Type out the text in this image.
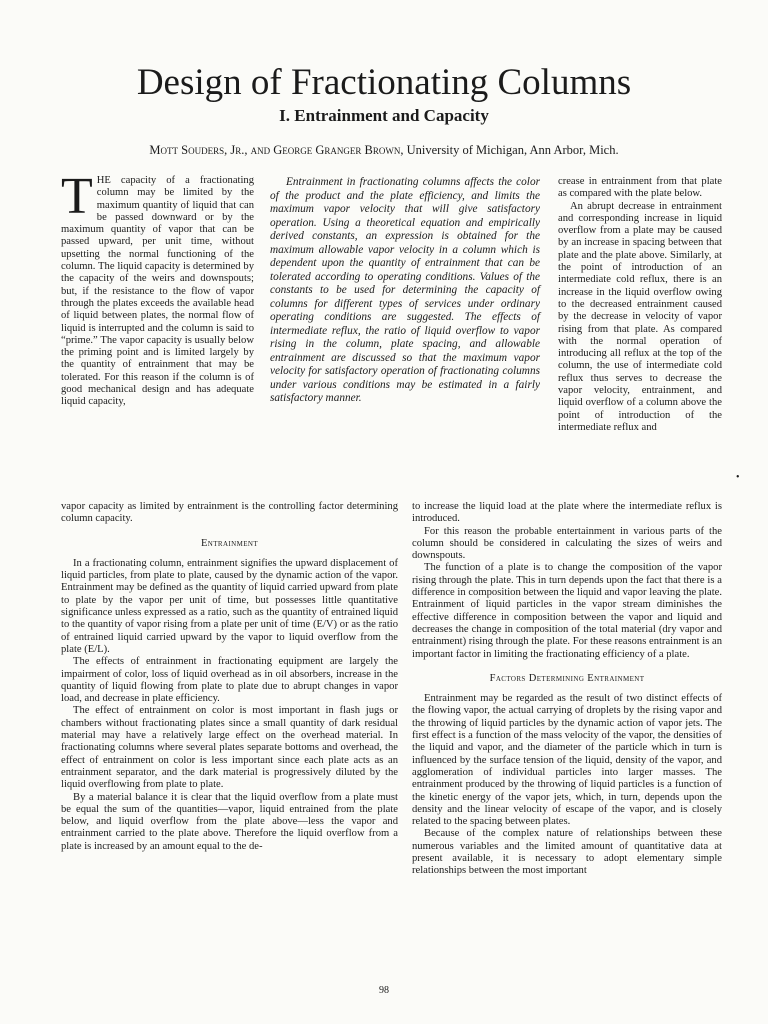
Design of Fractionating Columns
I. Entrainment and Capacity
Mott Souders, Jr., and George Granger Brown, University of Michigan, Ann Arbor, Mich.

THE capacity of a fractionating column may be limited by the maximum quantity of liquid that can be passed downward or by the maximum quantity of vapor that can be passed upward, per unit time, without upsetting the normal functioning of the column. The liquid capacity is determined by the capacity of the weirs and downspouts; but, if the resistance to the flow of vapor through the plates exceeds the available head of liquid between plates, the normal flow of liquid is interrupted and the column is said to “prime.” The vapor capacity is usually below the priming point and is limited largely by the quantity of entrainment that may be tolerated. For this reason if the column is of good mechanical design and has adequate liquid capacity,

Entrainment in fractionating columns affects the color of the product and the plate efficiency, and limits the maximum vapor velocity that will give satisfactory operation. Using a theoretical equation and empirically derived constants, an expression is obtained for the maximum allowable vapor velocity in a column which is dependent upon the quantity of entrainment that can be tolerated according to operating conditions. Values of the constants to be used for determining the capacity of columns for different types of services under ordinary operating conditions are suggested. The effects of intermediate reflux, the ratio of liquid overflow to vapor rising in the column, plate spacing, and allowable entrainment are discussed so that the maximum vapor velocity for satisfactory operation of fractionating columns under various conditions may be estimated in a fairly satisfactory manner.

crease in entrainment from that plate as compared with the plate below.

An abrupt decrease in entrainment and corresponding increase in liquid overflow from a plate may be caused by an increase in spacing between that plate and the plate above. Similarly, at the point of introduction of an intermediate cold reflux, there is an increase in the liquid overflow owing to the decreased entrainment caused by the decrease in velocity of vapor rising from that plate. As compared with the normal operation of introducing all reflux at the top of the column, the use of intermediate cold reflux thus serves to decrease the vapor velocity, entrainment, and liquid overflow of a column above the point of introduction of the intermediate reflux and

vapor capacity as limited by entrainment is the controlling factor determining column capacity.

Entrainment

In a fractionating column, entrainment signifies the upward displacement of liquid particles, from plate to plate, caused by the dynamic action of the vapor. Entrainment may be defined as the quantity of liquid carried upward from plate to plate by the vapor per unit of time, but possesses little quantitative significance unless expressed as a ratio, such as the quantity of entrained liquid to the quantity of vapor rising from a plate per unit of time (E/V) or as the ratio of entrained liquid carried upward by the vapor to liquid overflow from the plate (E/L).

The effects of entrainment in fractionating equipment are largely the impairment of color, loss of liquid overhead as in oil absorbers, increase in the quantity of liquid flowing from plate to plate due to abrupt changes in vapor load, and decrease in plate efficiency.

The effect of entrainment on color is most important in flash jugs or chambers without fractionating plates since a small quantity of dark residual material may have a relatively large effect on the overhead material. In fractionating columns where several plates separate bottoms and overhead, the effect of entrainment on color is less important since each plate acts as an entrainment separator, and the dark material is progressively diluted by the liquid overflowing from plate to plate.

By a material balance it is clear that the liquid overflow from a plate must be equal the sum of the quantities—vapor, liquid entrained from the plate below, and liquid overflow from the plate above—less the vapor and entrainment carried to the plate above. Therefore the liquid overflow from a plate is increased by an amount equal to the de-

to increase the liquid load at the plate where the intermediate reflux is introduced.

For this reason the probable entertainment in various parts of the column should be considered in calculating the sizes of weirs and downspouts.

The function of a plate is to change the composition of the vapor rising through the plate. This in turn depends upon the fact that there is a difference in composition between the liquid and vapor leaving the plate. Entrainment of liquid particles in the vapor stream diminishes the effective difference in composition between the vapor and liquid and decreases the change in composition of the total material (dry vapor and entrainment) rising through the plate. For these reasons entrainment is an important factor in limiting the fractionating efficiency of a plate.

Factors Determining Entrainment

Entrainment may be regarded as the result of two distinct effects of the flowing vapor, the actual carrying of droplets by the rising vapor and the throwing of liquid particles by the dynamic action of vapor jets. The first effect is a function of the mass velocity of the vapor, the densities of the liquid and vapor, and the diameter of the particle which in turn is influenced by the surface tension of the liquid, density of the vapor, and agglomeration of individual particles into larger masses. The entrainment produced by the throwing of liquid particles is a function of the kinetic energy of the vapor jets, which, in turn, depends upon the density and the linear velocity of escape of the vapor, and is closely related to the spacing between plates.

Because of the complex nature of relationships between these numerous variables and the limited amount of quantitative data at present available, it is necessary to adopt elementary simple relationships between the most important

•
98
